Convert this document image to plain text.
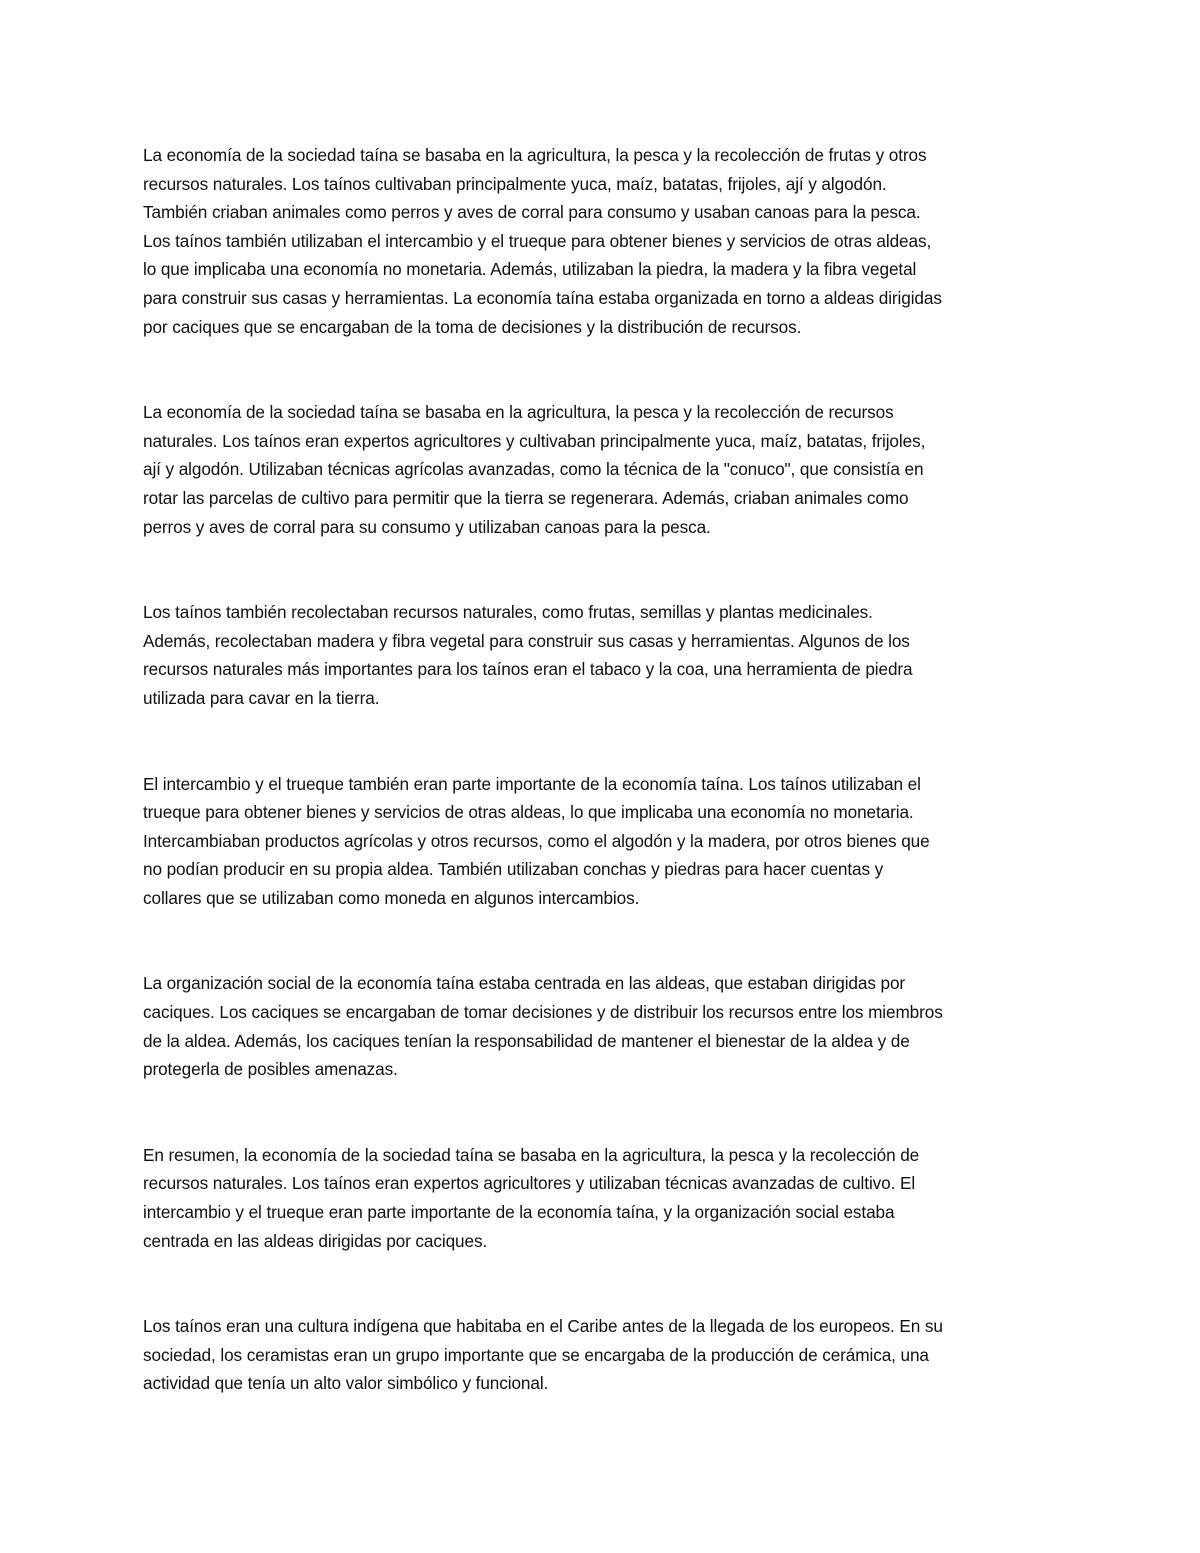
La economía de la sociedad taína se basaba en la agricultura, la pesca y la recolección de frutas y otros
recursos naturales. Los taínos cultivaban principalmente yuca, maíz, batatas, frijoles, ají y algodón.
También criaban animales como perros y aves de corral para consumo y usaban canoas para la pesca.
Los taínos también utilizaban el intercambio y el trueque para obtener bienes y servicios de otras aldeas,
lo que implicaba una economía no monetaria. Además, utilizaban la piedra, la madera y la fibra vegetal
para construir sus casas y herramientas. La economía taína estaba organizada en torno a aldeas dirigidas
por caciques que se encargaban de la toma de decisiones y la distribución de recursos.

La economía de la sociedad taína se basaba en la agricultura, la pesca y la recolección de recursos
naturales. Los taínos eran expertos agricultores y cultivaban principalmente yuca, maíz, batatas, frijoles,
ají y algodón. Utilizaban técnicas agrícolas avanzadas, como la técnica de la "conuco", que consistía en
rotar las parcelas de cultivo para permitir que la tierra se regenerara. Además, criaban animales como
perros y aves de corral para su consumo y utilizaban canoas para la pesca.

Los taínos también recolectaban recursos naturales, como frutas, semillas y plantas medicinales.
Además, recolectaban madera y fibra vegetal para construir sus casas y herramientas. Algunos de los
recursos naturales más importantes para los taínos eran el tabaco y la coa, una herramienta de piedra
utilizada para cavar en la tierra.

El intercambio y el trueque también eran parte importante de la economía taína. Los taínos utilizaban el
trueque para obtener bienes y servicios de otras aldeas, lo que implicaba una economía no monetaria.
Intercambiaban productos agrícolas y otros recursos, como el algodón y la madera, por otros bienes que
no podían producir en su propia aldea. También utilizaban conchas y piedras para hacer cuentas y
collares que se utilizaban como moneda en algunos intercambios.

La organización social de la economía taína estaba centrada en las aldeas, que estaban dirigidas por
caciques. Los caciques se encargaban de tomar decisiones y de distribuir los recursos entre los miembros
de la aldea. Además, los caciques tenían la responsabilidad de mantener el bienestar de la aldea y de
protegerla de posibles amenazas.

En resumen, la economía de la sociedad taína se basaba en la agricultura, la pesca y la recolección de
recursos naturales. Los taínos eran expertos agricultores y utilizaban técnicas avanzadas de cultivo. El
intercambio y el trueque eran parte importante de la economía taína, y la organización social estaba
centrada en las aldeas dirigidas por caciques.

Los taínos eran una cultura indígena que habitaba en el Caribe antes de la llegada de los europeos. En su
sociedad, los ceramistas eran un grupo importante que se encargaba de la producción de cerámica, una
actividad que tenía un alto valor simbólico y funcional.
